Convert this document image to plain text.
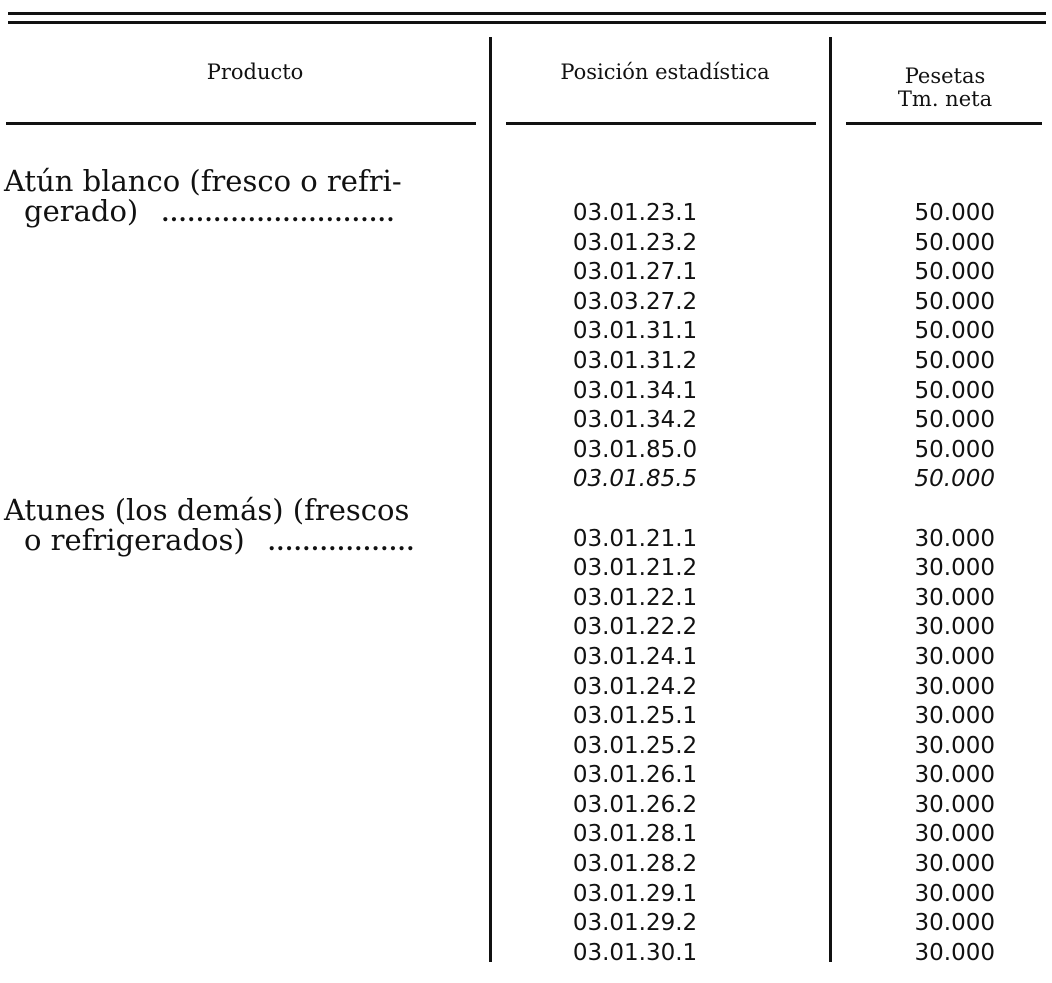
Producto	Posición estadística	Pesetas
Tm. neta
Atún blanco (fresco o refri-
gerado) ...........................
Atunes (los demás) (frescos
o refrigerados) .................
03.01.23.1
03.01.23.2
03.01.27.1
03.03.27.2
03.01.31.1
03.01.31.2
03.01.34.1
03.01.34.2
03.01.85.0
03.01.85.5
03.01.21.1
03.01.21.2
03.01.22.1
03.01.22.2
03.01.24.1
03.01.24.2
03.01.25.1
03.01.25.2
03.01.26.1
03.01.26.2
03.01.28.1
03.01.28.2
03.01.29.1
03.01.29.2
03.01.30.1
50.000
50.000
50.000
50.000
50.000
50.000
50.000
50.000
50.000
50.000
30.000
30.000
30.000
30.000
30.000
30.000
30.000
30.000
30.000
30.000
30.000
30.000
30.000
30.000
30.000
